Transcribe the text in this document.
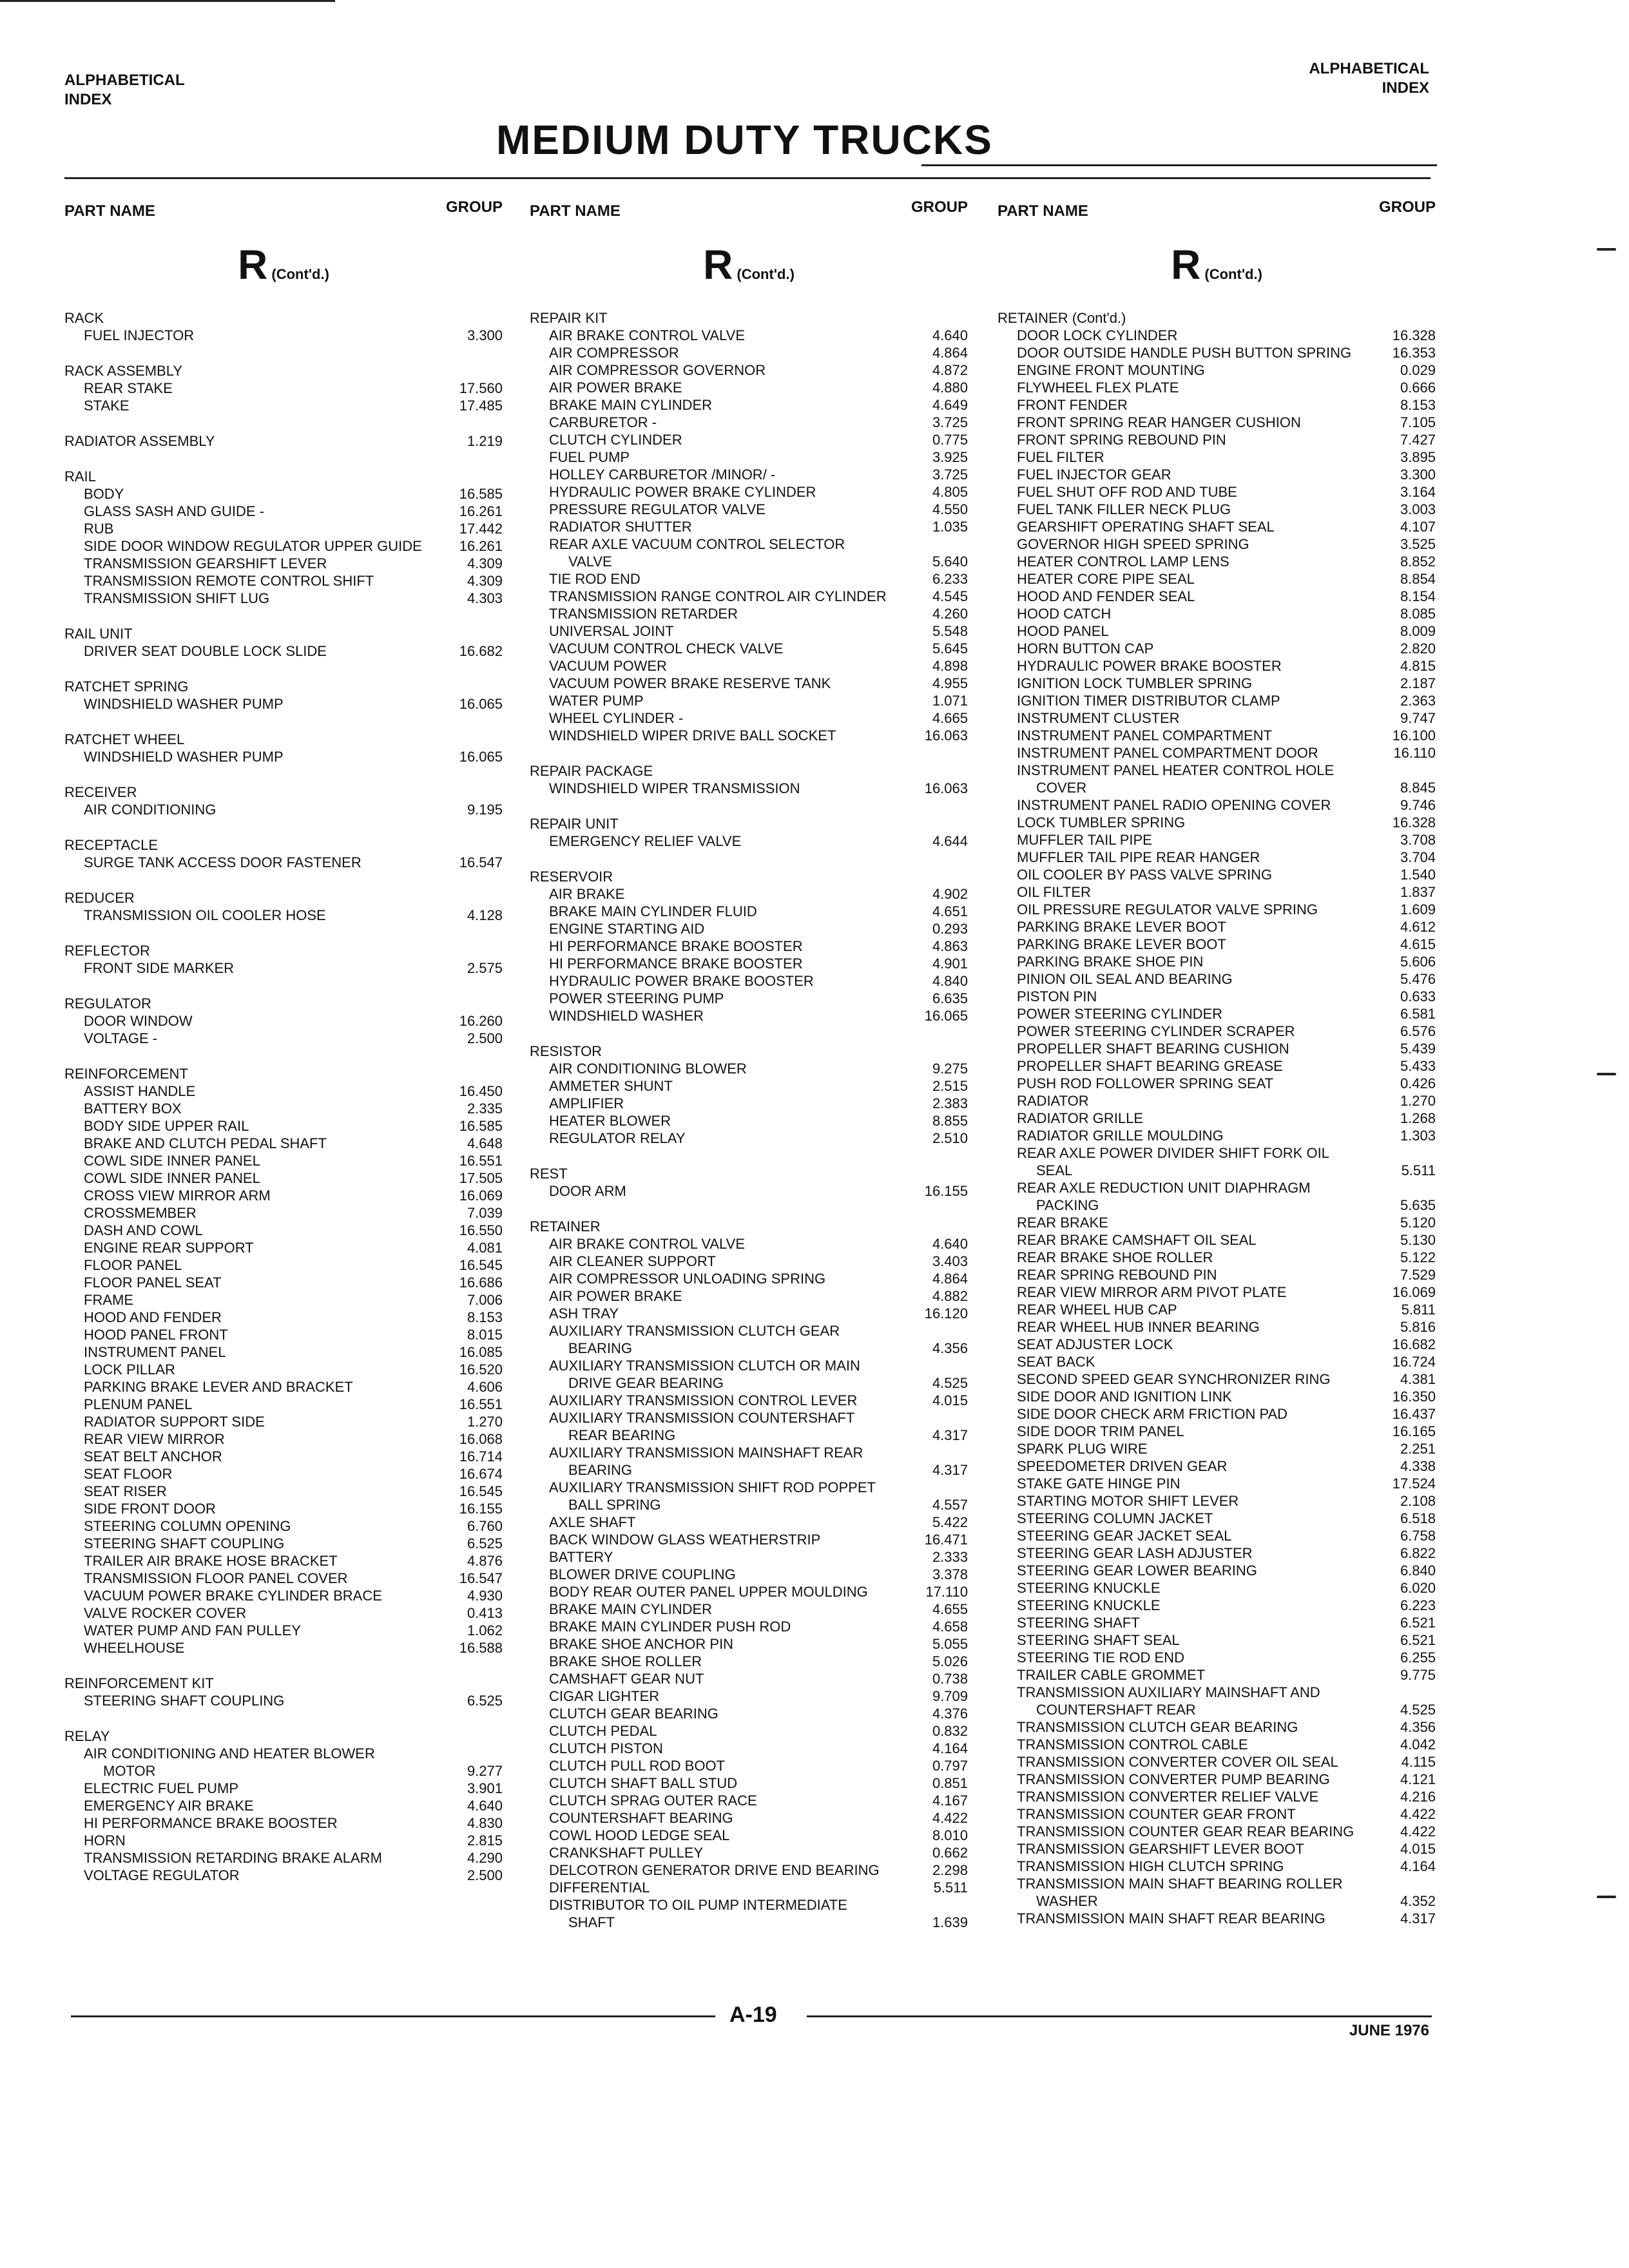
ALPHABETICAL
INDEX
ALPHABETICAL
INDEX
MEDIUM DUTY TRUCKS
PART NAME	GROUP
R (Cont'd.)
RACK
FUEL INJECTOR	3.300
RACK ASSEMBLY
REAR STAKE	17.560
STAKE	17.485
RADIATOR ASSEMBLY	1.219
RAIL
BODY	16.585
GLASS SASH AND GUIDE -	16.261
RUB	17.442
SIDE DOOR WINDOW REGULATOR UPPER GUIDE	16.261
TRANSMISSION GEARSHIFT LEVER	4.309
TRANSMISSION REMOTE CONTROL SHIFT	4.309
TRANSMISSION SHIFT LUG	4.303
RAIL UNIT
DRIVER SEAT DOUBLE LOCK SLIDE	16.682
RATCHET SPRING
WINDSHIELD WASHER PUMP	16.065
RATCHET WHEEL
WINDSHIELD WASHER PUMP	16.065
RECEIVER
AIR CONDITIONING	9.195
RECEPTACLE
SURGE TANK ACCESS DOOR FASTENER	16.547
REDUCER
TRANSMISSION OIL COOLER HOSE	4.128
REFLECTOR
FRONT SIDE MARKER	2.575
REGULATOR
DOOR WINDOW	16.260
VOLTAGE -	2.500
REINFORCEMENT
ASSIST HANDLE	16.450
BATTERY BOX	2.335
BODY SIDE UPPER RAIL	16.585
BRAKE AND CLUTCH PEDAL SHAFT	4.648
COWL SIDE INNER PANEL	16.551
COWL SIDE INNER PANEL	17.505
CROSS VIEW MIRROR ARM	16.069
CROSSMEMBER	7.039
DASH AND COWL	16.550
ENGINE REAR SUPPORT	4.081
FLOOR PANEL	16.545
FLOOR PANEL SEAT	16.686
FRAME	7.006
HOOD AND FENDER	8.153
HOOD PANEL FRONT	8.015
INSTRUMENT PANEL	16.085
LOCK PILLAR	16.520
PARKING BRAKE LEVER AND BRACKET	4.606
PLENUM PANEL	16.551
RADIATOR SUPPORT SIDE	1.270
REAR VIEW MIRROR	16.068
SEAT BELT ANCHOR	16.714
SEAT FLOOR	16.674
SEAT RISER	16.545
SIDE FRONT DOOR	16.155
STEERING COLUMN OPENING	6.760
STEERING SHAFT COUPLING	6.525
TRAILER AIR BRAKE HOSE BRACKET	4.876
TRANSMISSION FLOOR PANEL COVER	16.547
VACUUM POWER BRAKE CYLINDER BRACE	4.930
VALVE ROCKER COVER	0.413
WATER PUMP AND FAN PULLEY	1.062
WHEELHOUSE	16.588
REINFORCEMENT KIT
STEERING SHAFT COUPLING	6.525
RELAY
AIR CONDITIONING AND HEATER BLOWER
MOTOR	9.277
ELECTRIC FUEL PUMP	3.901
EMERGENCY AIR BRAKE	4.640
HI PERFORMANCE BRAKE BOOSTER	4.830
HORN	2.815
TRANSMISSION RETARDING BRAKE ALARM	4.290
VOLTAGE REGULATOR	2.500
PART NAME	GROUP
R (Cont'd.)
REPAIR KIT
AIR BRAKE CONTROL VALVE	4.640
AIR COMPRESSOR	4.864
AIR COMPRESSOR GOVERNOR	4.872
AIR POWER BRAKE	4.880
BRAKE MAIN CYLINDER	4.649
CARBURETOR -	3.725
CLUTCH CYLINDER	0.775
FUEL PUMP	3.925
HOLLEY CARBURETOR /MINOR/ -	3.725
HYDRAULIC POWER BRAKE CYLINDER	4.805
PRESSURE REGULATOR VALVE	4.550
RADIATOR SHUTTER	1.035
REAR AXLE VACUUM CONTROL SELECTOR
VALVE	5.640
TIE ROD END	6.233
TRANSMISSION RANGE CONTROL AIR CYLINDER	4.545
TRANSMISSION RETARDER	4.260
UNIVERSAL JOINT	5.548
VACUUM CONTROL CHECK VALVE	5.645
VACUUM POWER	4.898
VACUUM POWER BRAKE RESERVE TANK	4.955
WATER PUMP	1.071
WHEEL CYLINDER -	4.665
WINDSHIELD WIPER DRIVE BALL SOCKET	16.063
REPAIR PACKAGE
WINDSHIELD WIPER TRANSMISSION	16.063
REPAIR UNIT
EMERGENCY RELIEF VALVE	4.644
RESERVOIR
AIR BRAKE	4.902
BRAKE MAIN CYLINDER FLUID	4.651
ENGINE STARTING AID	0.293
HI PERFORMANCE BRAKE BOOSTER	4.863
HI PERFORMANCE BRAKE BOOSTER	4.901
HYDRAULIC POWER BRAKE BOOSTER	4.840
POWER STEERING PUMP	6.635
WINDSHIELD WASHER	16.065
RESISTOR
AIR CONDITIONING BLOWER	9.275
AMMETER SHUNT	2.515
AMPLIFIER	2.383
HEATER BLOWER	8.855
REGULATOR RELAY	2.510
REST
DOOR ARM	16.155
RETAINER
AIR BRAKE CONTROL VALVE	4.640
AIR CLEANER SUPPORT	3.403
AIR COMPRESSOR UNLOADING SPRING	4.864
AIR POWER BRAKE	4.882
ASH TRAY	16.120
AUXILIARY TRANSMISSION CLUTCH GEAR
BEARING	4.356
AUXILIARY TRANSMISSION CLUTCH OR MAIN
DRIVE GEAR BEARING	4.525
AUXILIARY TRANSMISSION CONTROL LEVER	4.015
AUXILIARY TRANSMISSION COUNTERSHAFT
REAR BEARING	4.317
AUXILIARY TRANSMISSION MAINSHAFT REAR
BEARING	4.317
AUXILIARY TRANSMISSION SHIFT ROD POPPET
BALL SPRING	4.557
AXLE SHAFT	5.422
BACK WINDOW GLASS WEATHERSTRIP	16.471
BATTERY	2.333
BLOWER DRIVE COUPLING	3.378
BODY REAR OUTER PANEL UPPER MOULDING	17.110
BRAKE MAIN CYLINDER	4.655
BRAKE MAIN CYLINDER PUSH ROD	4.658
BRAKE SHOE ANCHOR PIN	5.055
BRAKE SHOE ROLLER	5.026
CAMSHAFT GEAR NUT	0.738
CIGAR LIGHTER	9.709
CLUTCH GEAR BEARING	4.376
CLUTCH PEDAL	0.832
CLUTCH PISTON	4.164
CLUTCH PULL ROD BOOT	0.797
CLUTCH SHAFT BALL STUD	0.851
CLUTCH SPRAG OUTER RACE	4.167
COUNTERSHAFT BEARING	4.422
COWL HOOD LEDGE SEAL	8.010
CRANKSHAFT PULLEY	0.662
DELCOTRON GENERATOR DRIVE END BEARING	2.298
DIFFERENTIAL	5.511
DISTRIBUTOR TO OIL PUMP INTERMEDIATE
SHAFT	1.639
PART NAME	GROUP
R (Cont'd.)
RETAINER (Cont'd.)
DOOR LOCK CYLINDER	16.328
DOOR OUTSIDE HANDLE PUSH BUTTON SPRING	16.353
ENGINE FRONT MOUNTING	0.029
FLYWHEEL FLEX PLATE	0.666
FRONT FENDER	8.153
FRONT SPRING REAR HANGER CUSHION	7.105
FRONT SPRING REBOUND PIN	7.427
FUEL FILTER	3.895
FUEL INJECTOR GEAR	3.300
FUEL SHUT OFF ROD AND TUBE	3.164
FUEL TANK FILLER NECK PLUG	3.003
GEARSHIFT OPERATING SHAFT SEAL	4.107
GOVERNOR HIGH SPEED SPRING	3.525
HEATER CONTROL LAMP LENS	8.852
HEATER CORE PIPE SEAL	8.854
HOOD AND FENDER SEAL	8.154
HOOD CATCH	8.085
HOOD PANEL	8.009
HORN BUTTON CAP	2.820
HYDRAULIC POWER BRAKE BOOSTER	4.815
IGNITION LOCK TUMBLER SPRING	2.187
IGNITION TIMER DISTRIBUTOR CLAMP	2.363
INSTRUMENT CLUSTER	9.747
INSTRUMENT PANEL COMPARTMENT	16.100
INSTRUMENT PANEL COMPARTMENT DOOR	16.110
INSTRUMENT PANEL HEATER CONTROL HOLE
COVER	8.845
INSTRUMENT PANEL RADIO OPENING COVER	9.746
LOCK TUMBLER SPRING	16.328
MUFFLER TAIL PIPE	3.708
MUFFLER TAIL PIPE REAR HANGER	3.704
OIL COOLER BY PASS VALVE SPRING	1.540
OIL FILTER	1.837
OIL PRESSURE REGULATOR VALVE SPRING	1.609
PARKING BRAKE LEVER BOOT	4.612
PARKING BRAKE LEVER BOOT	4.615
PARKING BRAKE SHOE PIN	5.606
PINION OIL SEAL AND BEARING	5.476
PISTON PIN	0.633
POWER STEERING CYLINDER	6.581
POWER STEERING CYLINDER SCRAPER	6.576
PROPELLER SHAFT BEARING CUSHION	5.439
PROPELLER SHAFT BEARING GREASE	5.433
PUSH ROD FOLLOWER SPRING SEAT	0.426
RADIATOR	1.270
RADIATOR GRILLE	1.268
RADIATOR GRILLE MOULDING	1.303
REAR AXLE POWER DIVIDER SHIFT FORK OIL
SEAL	5.511
REAR AXLE REDUCTION UNIT DIAPHRAGM
PACKING	5.635
REAR BRAKE	5.120
REAR BRAKE CAMSHAFT OIL SEAL	5.130
REAR BRAKE SHOE ROLLER	5.122
REAR SPRING REBOUND PIN	7.529
REAR VIEW MIRROR ARM PIVOT PLATE	16.069
REAR WHEEL HUB CAP	5.811
REAR WHEEL HUB INNER BEARING	5.816
SEAT ADJUSTER LOCK	16.682
SEAT BACK	16.724
SECOND SPEED GEAR SYNCHRONIZER RING	4.381
SIDE DOOR AND IGNITION LINK	16.350
SIDE DOOR CHECK ARM FRICTION PAD	16.437
SIDE DOOR TRIM PANEL	16.165
SPARK PLUG WIRE	2.251
SPEEDOMETER DRIVEN GEAR	4.338
STAKE GATE HINGE PIN	17.524
STARTING MOTOR SHIFT LEVER	2.108
STEERING COLUMN JACKET	6.518
STEERING GEAR JACKET SEAL	6.758
STEERING GEAR LASH ADJUSTER	6.822
STEERING GEAR LOWER BEARING	6.840
STEERING KNUCKLE	6.020
STEERING KNUCKLE	6.223
STEERING SHAFT	6.521
STEERING SHAFT SEAL	6.521
STEERING TIE ROD END	6.255
TRAILER CABLE GROMMET	9.775
TRANSMISSION AUXILIARY MAINSHAFT AND
COUNTERSHAFT REAR	4.525
TRANSMISSION CLUTCH GEAR BEARING	4.356
TRANSMISSION CONTROL CABLE	4.042
TRANSMISSION CONVERTER COVER OIL SEAL	4.115
TRANSMISSION CONVERTER PUMP BEARING	4.121
TRANSMISSION CONVERTER RELIEF VALVE	4.216
TRANSMISSION COUNTER GEAR FRONT	4.422
TRANSMISSION COUNTER GEAR REAR BEARING	4.422
TRANSMISSION GEARSHIFT LEVER BOOT	4.015
TRANSMISSION HIGH CLUTCH SPRING	4.164
TRANSMISSION MAIN SHAFT BEARING ROLLER
WASHER	4.352
TRANSMISSION MAIN SHAFT REAR BEARING	4.317
A-19
JUNE 1976
